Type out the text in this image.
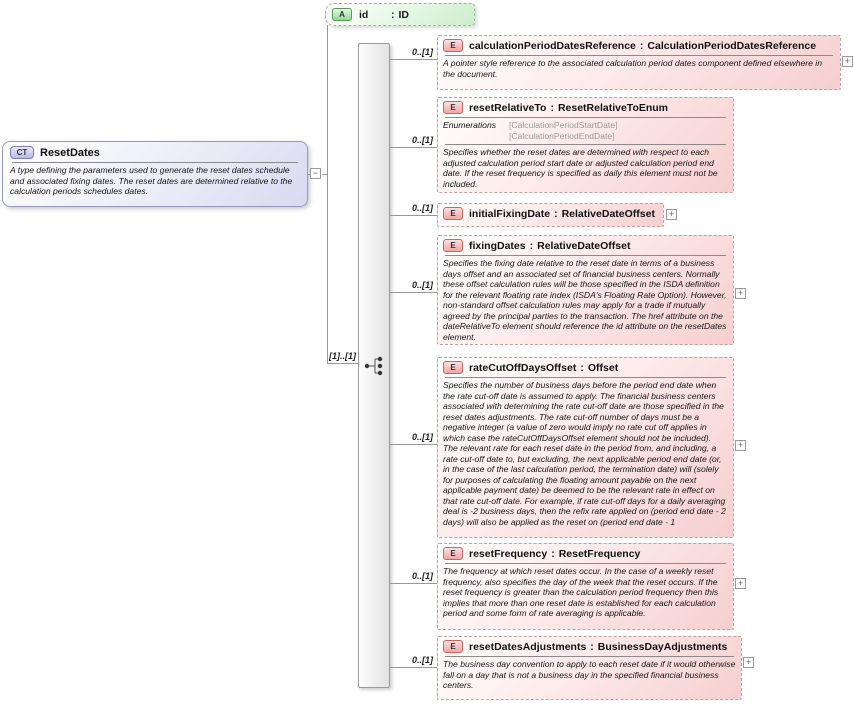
CT	ResetDates
A type defining the parameters used to generate the reset dates schedule and associated fixing dates. The reset dates are determined relative to the calculation periods schedules dates.
−
A	id	: ID
[1]..[1]
0..[1]
0..[1]
0..[1]
0..[1]
0..[1]
0..[1]
0..[1]
E	calculationPeriodDatesReference : CalculationPeriodDatesReference
A pointer style reference to the associated calculation period dates component defined elsewhere in the document.
+
E	resetRelativeTo : ResetRelativeToEnum
Enumerations	[CalculationPeriodStartDate]
[CalculationPeriodEndDate]
Specifies whether the reset dates are determined with respect to each adjusted calculation period start date or adjusted calculation period end date. If the reset frequency is specified as daily this element must not be included.
E	initialFixingDate : RelativeDateOffset	+
E	fixingDates : RelativeDateOffset
Specifies the fixing date relative to the reset date in terms of a business days offset and an associated set of financial business centers. Normally these offset calculation rules will be those specified in the ISDA definition for the relevant floating rate index (ISDA's Floating Rate Option). However, non-standard offset calculation rules may apply for a trade if mutually agreed by the principal parties to the transaction. The href attribute on the dateRelativeTo element should reference the id attribute on the resetDates element.
+
E	rateCutOffDaysOffset : Offset
Specifies the number of business days before the period end date when the rate cut-off date is assumed to apply. The financial business centers associated with determining the rate cut-off date are those specified in the reset dates adjustments. The rate cut-off number of days must be a negative integer (a value of zero would imply no rate cut off applies in which case the rateCutOffDaysOffset element should not be included). The relevant rate for each reset date in the period from, and including, a rate cut-off date to, but excluding, the next applicable period end date (or, in the case of the last calculation period, the termination date) will (solely for purposes of calculating the floating amount payable on the next applicable payment date) be deemed to be the relevant rate in effect on that rate cut-off date. For example, if rate cut-off days for a daily averaging deal is -2 business days, then the refix rate applied on (period end date - 2 days) will also be applied as the reset on (period end date - 1
+
E	resetFrequency : ResetFrequency
The frequency at which reset dates occur. In the case of a weekly reset frequency, also specifies the day of the week that the reset occurs. If the reset frequency is greater than the calculation period frequency then this implies that more than one reset date is established for each calculation period and some form of rate averaging is applicable.
+
E	resetDatesAdjustments : BusinessDayAdjustments
The business day convention to apply to each reset date if it would otherwise fall on a day that is not a business day in the specified financial business centers.
+
